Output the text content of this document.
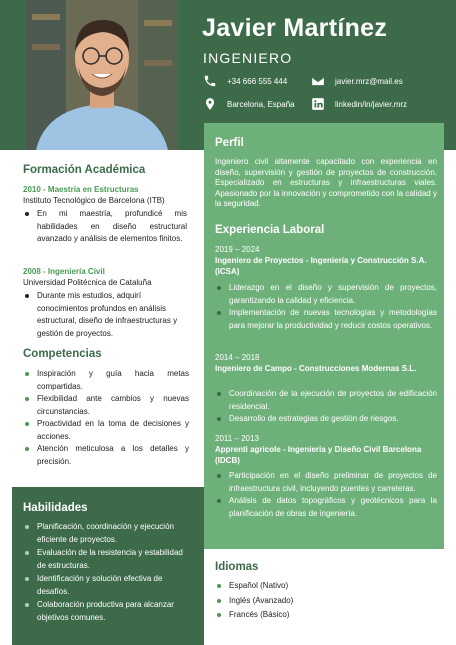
Javier Martínez
INGENIERO
+34 666 555 444	javier.mrz@mail.es
Barcelona, España	linkedin/in/javier.mrz
Formación Académica
2010 - Maestría en Estructuras
Instituto Tecnológico de Barcelona (ITB)
En mi maestría, profundicé mis habilidades en diseño estructural avanzado y análisis de elementos finitos.
2008 - Ingeniería Civil
Universidad Politécnica de Cataluña
Durante mis estudios, adquirí conocimientos profundos en análisis estructural, diseño de infraestructuras y gestión de proyectos.
Competencias
Inspiración y guía hacia metas compartidas.
Flexibilidad ante cambios y nuevas circunstancias.
Proactividad en la toma de decisiones y acciones.
Atención meticulosa a los detalles y precisión.
Habilidades
Planificación, coordinación y ejecución eficiente de proyectos.
Evaluación de la resistencia y estabilidad de estructuras.
Identificación y solución efectiva de desafíos.
Colaboración productiva para alcanzar objetivos comunes.
Perfil
Ingeniero civil altamente capacitado con experiencia en diseño, supervisión y gestión de proyectos de construcción. Especializado en estructuras y infraestructuras viales. Apasionado por la innovación y comprometido con la calidad y la seguridad.
Experiencia Laboral
2019 – 2024
Ingeniero de Proyectos - Ingeniería y Construcción S.A. (ICSA)
Liderazgo en el diseño y supervisión de proyectos, garantizando la calidad y eficiencia.
Implementación de nuevas tecnologías y metodologías para mejorar la productividad y reducir costos operativos.
2014 – 2018
Ingeniero de Campo - Construcciones Modernas S.L.
Coordinación de la ejecución de proyectos de edificación residencial.
Desarrollo de estrategias de gestión de riesgos.
2011 – 2013
Apprenti agricole - Ingeniería y Diseño Civil Barcelona (IDCB)
Participación en el diseño preliminar de proyectos de infraestructura civil, incluyendo puentes y carreteras.
Análisis de datos topográficos y geotécnicos para la planificación de obras de ingeniería.
Idiomas
Español (Nativo)
Inglés (Avanzado)
Francés (Básico)
